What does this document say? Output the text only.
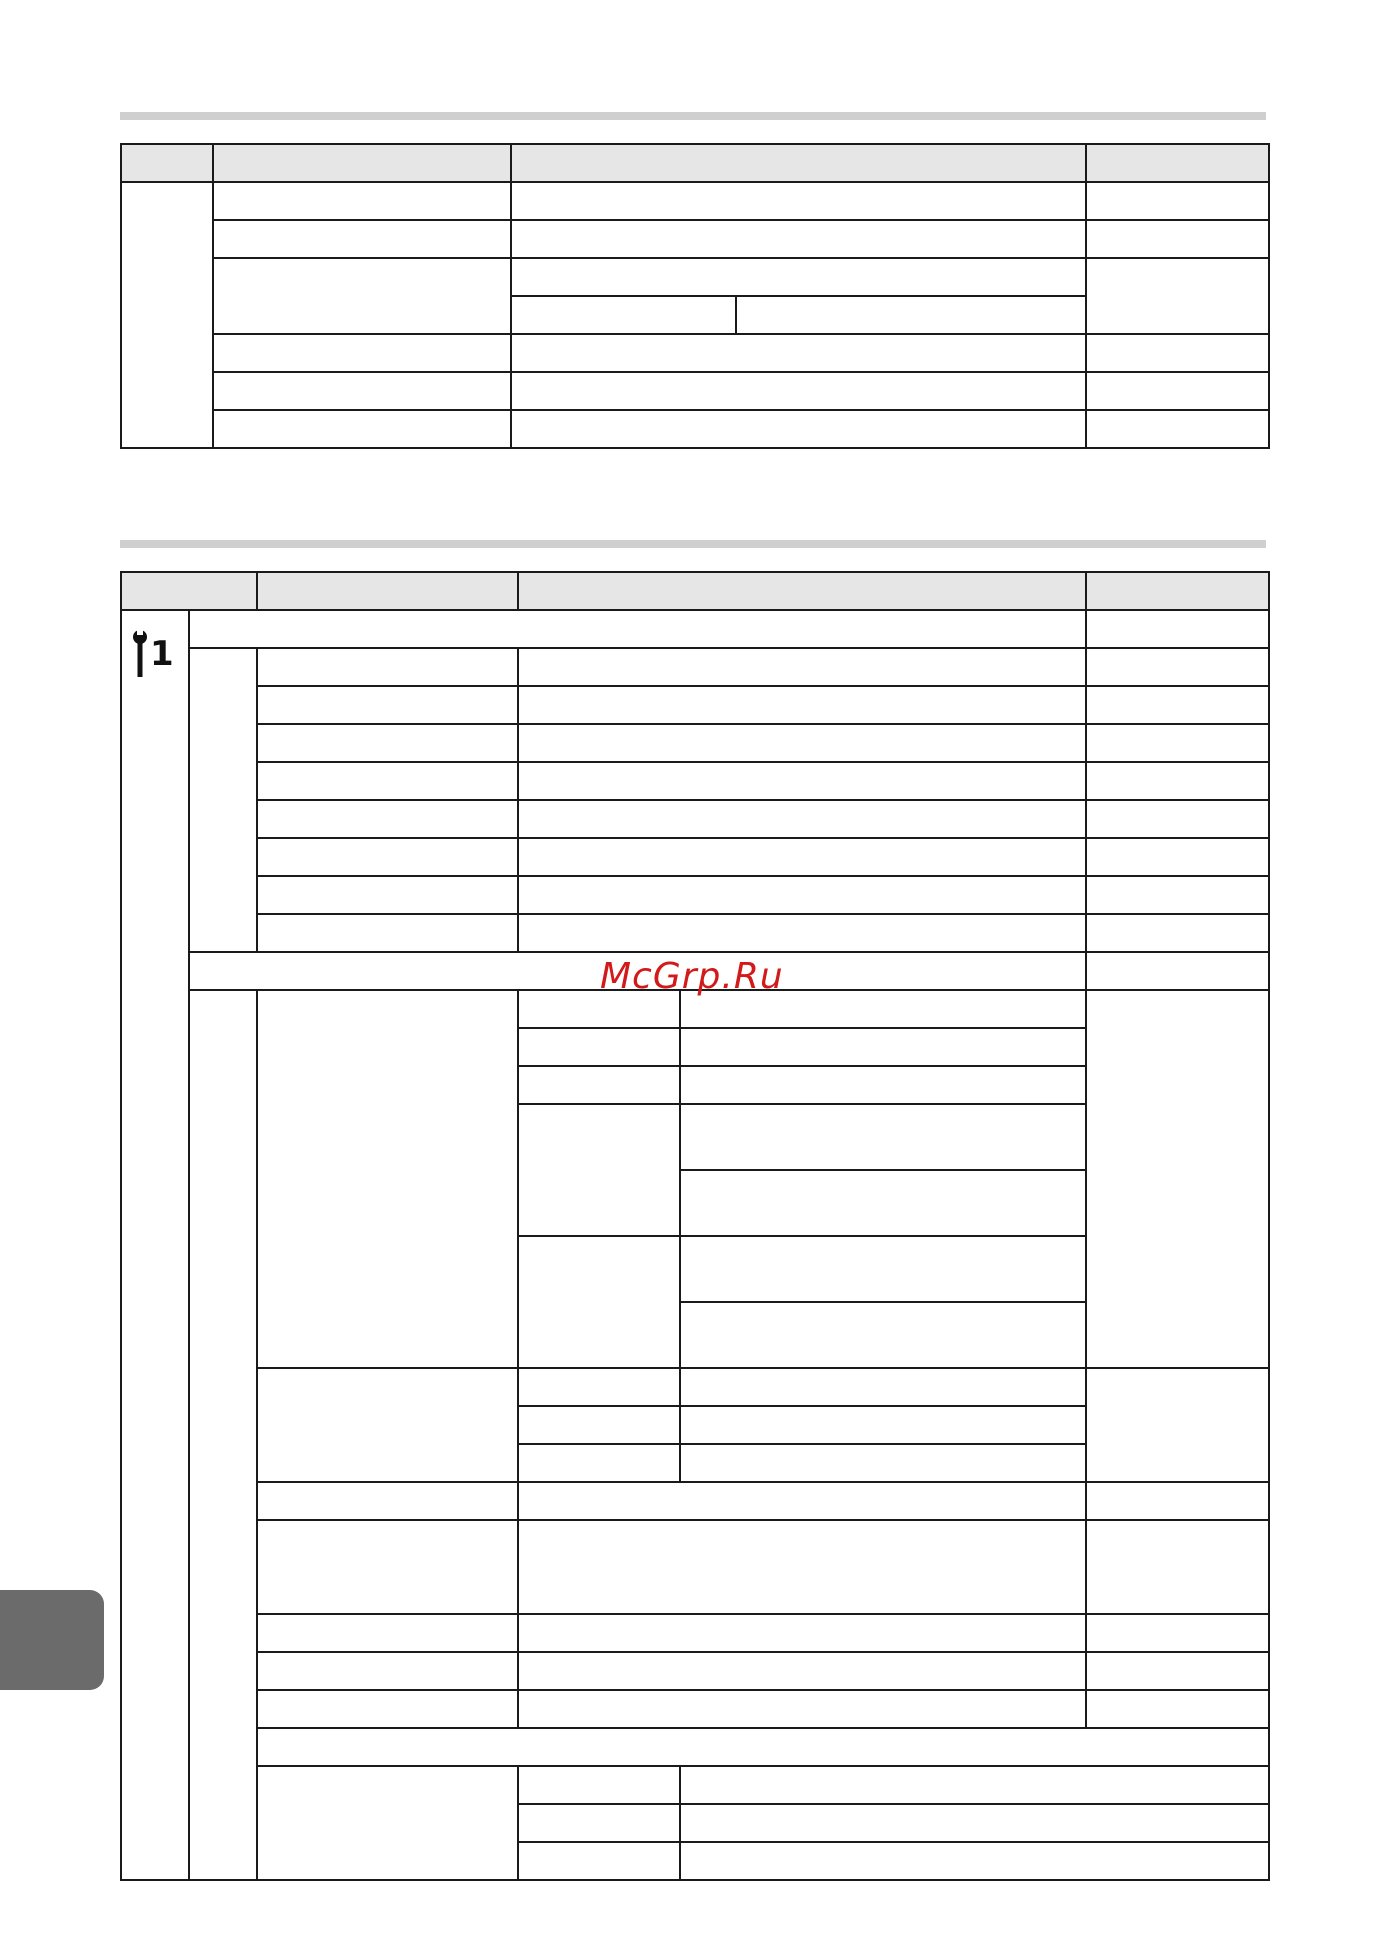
1						

McGrp.Ru
